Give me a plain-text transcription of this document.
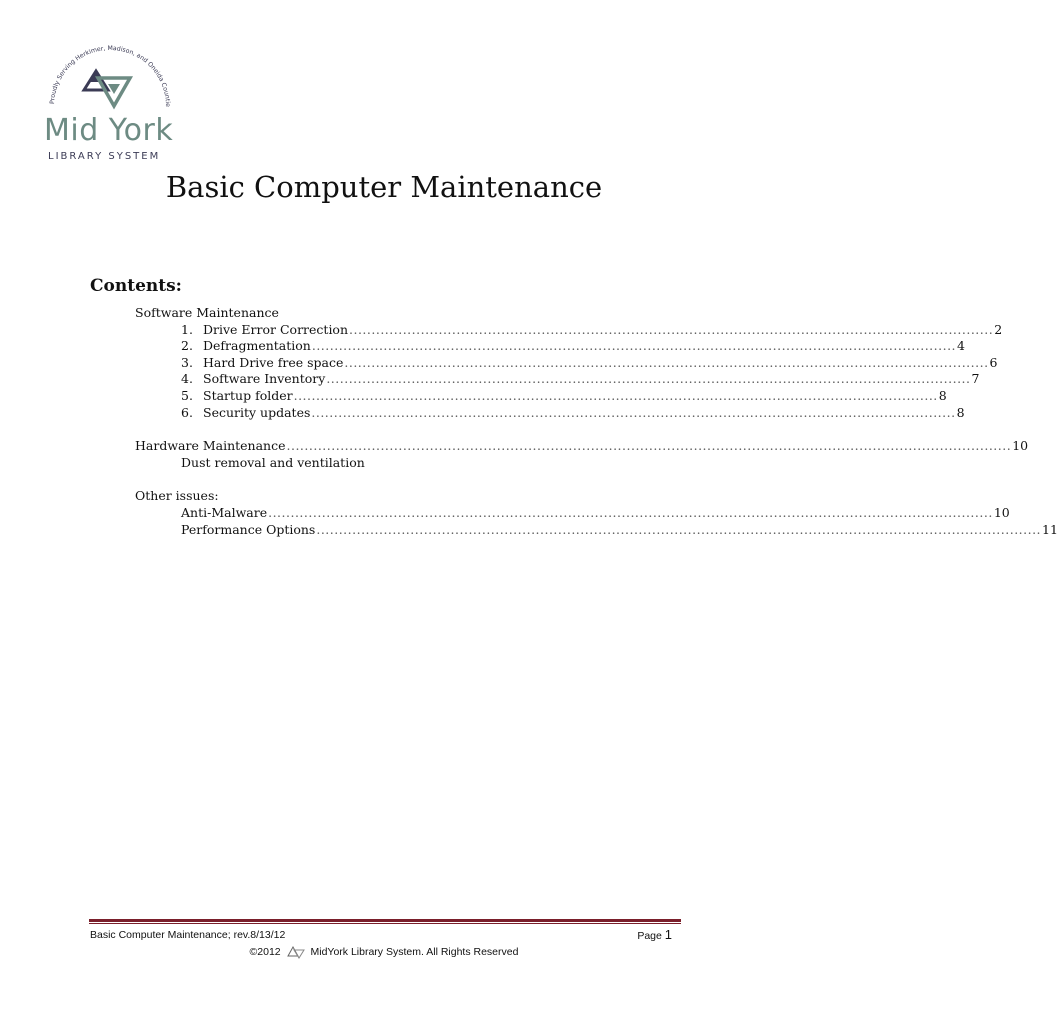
Proudly Serving Herkimer, Madison, and Oneida Countie
Mid York
LIBRARY SYSTEM
Basic Computer Maintenance
Contents:
Software Maintenance
1. Drive Error Correction ................................................................................................................................................ 2
2. Defragmentation ................................................................................................................................................ 4
3. Hard Drive free space ................................................................................................................................................ 6
4. Software Inventory ................................................................................................................................................ 7
5. Startup folder ................................................................................................................................................ 8
6. Security updates ................................................................................................................................................ 8
Hardware Maintenance .................................................................................................................................................................. 10
Dust removal and ventilation
Other issues:
Anti-Malware .................................................................................................................................................................. 10
Performance Options .................................................................................................................................................................. 11
Basic Computer Maintenance; rev.8/13/12	Page 1
©2012	MidYork Library System. All Rights Reserved
